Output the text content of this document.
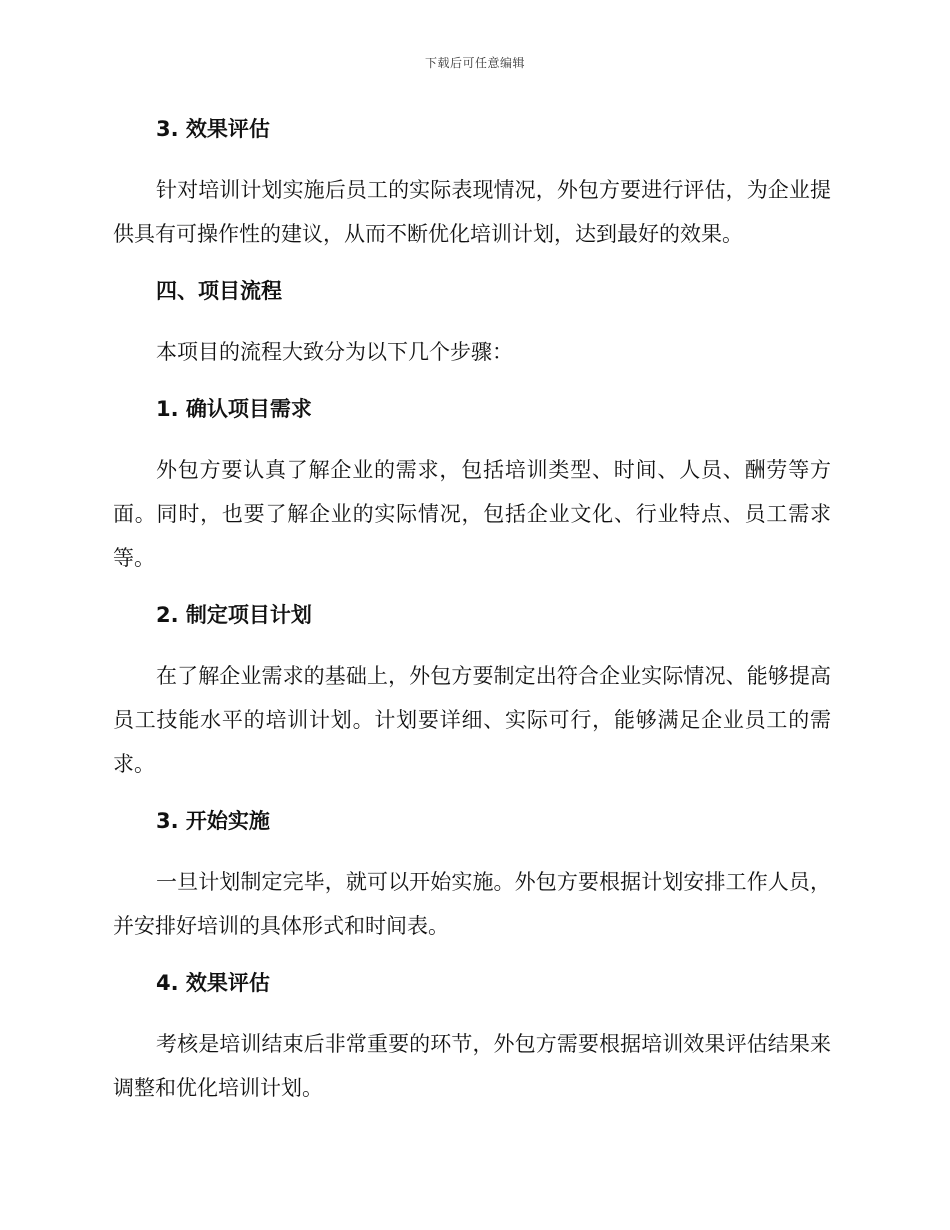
下载后可任意编辑
3. 效果评估

针对培训计划实施后员工的实际表现情况，外包方要进行评估，为企业提供具有可操作性的建议，从而不断优化培训计划，达到最好的效果。

四、项目流程

本项目的流程大致分为以下几个步骤：

1. 确认项目需求

外包方要认真了解企业的需求，包括培训类型、时间、人员、酬劳等方面。同时，也要了解企业的实际情况，包括企业文化、行业特点、员工需求等。

2. 制定项目计划

在了解企业需求的基础上，外包方要制定出符合企业实际情况、能够提高员工技能水平的培训计划。计划要详细、实际可行，能够满足企业员工的需求。

3. 开始实施

一旦计划制定完毕，就可以开始实施。外包方要根据计划安排工作人员，并安排好培训的具体形式和时间表。

4. 效果评估

考核是培训结束后非常重要的环节，外包方需要根据培训效果评估结果来调整和优化培训计划。
